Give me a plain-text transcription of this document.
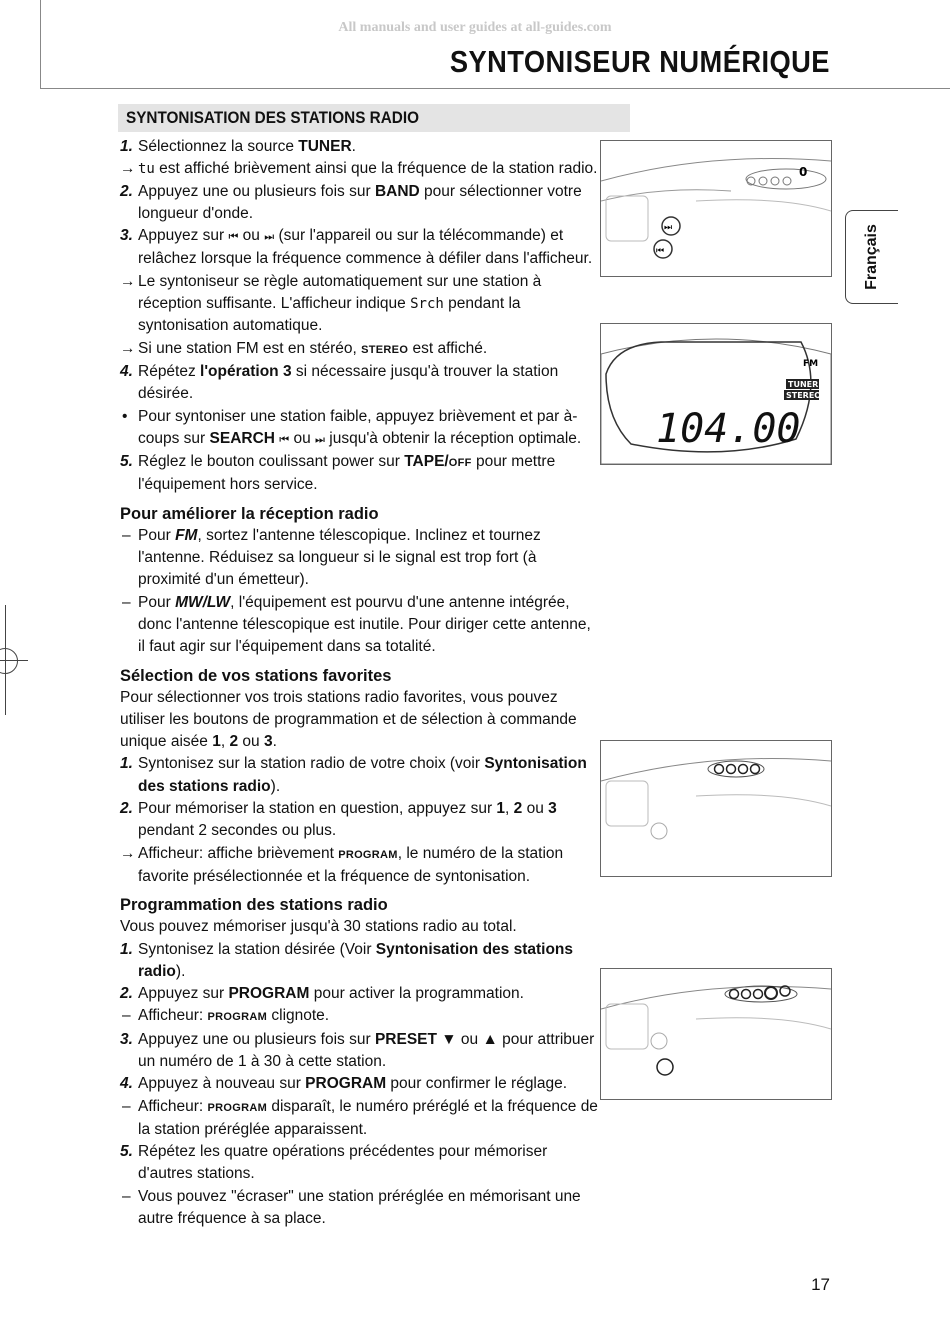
All manuals and user guides at all-guides.com
SYNTONISEUR NUMÉRIQUE
SYNTONISATION DES STATIONS RADIO
Français

1. Sélectionnez la source TUNER.

→ tu est affiché brièvement ainsi que la fréquence de la station radio.

2. Appuyez une ou plusieurs fois sur BAND pour sélectionner votre longueur d'onde.

3. Appuyez sur ⏮ ou ⏭ (sur l'appareil ou sur la télécommande) et relâchez lorsque la fréquence commence à défiler dans l'afficheur.

→ Le syntoniseur se règle automatiquement sur une station à réception suffisante. L'afficheur indique Srch pendant la syntonisation automatique.

→ Si une station FM est en stéréo, STEREO est affiché.

4. Répétez l'opération 3 si nécessaire jusqu'à trouver la station désirée.

• Pour syntoniser une station faible, appuyez brièvement et par à-coups sur SEARCH ⏮ ou ⏭ jusqu'à obtenir la réception optimale.

5. Réglez le bouton coulissant power sur TAPE/OFF pour mettre l'équipement hors service.

Pour améliorer la réception radio

– Pour FM, sortez l'antenne télescopique. Inclinez et tournez l'antenne. Réduisez sa longueur si le signal est trop fort (à proximité d'un émetteur).

– Pour MW/LW, l'équipement est pourvu d'une antenne intégrée, donc l'antenne télescopique est inutile. Pour diriger cette antenne, il faut agir sur l'équipement dans sa totalité.

Sélection de vos stations favorites

Pour sélectionner vos trois stations radio favorites, vous pouvez utiliser les boutons de programmation et de sélection à commande unique aisée 1, 2 ou 3.

1. Syntonisez sur la station radio de votre choix (voir Syntonisation des stations radio).

2. Pour mémoriser la station en question, appuyez sur 1, 2 ou 3 pendant 2 secondes ou plus.

→ Afficheur: affiche brièvement PROGRAM, le numéro de la station favorite présélectionnée et la fréquence de syntonisation.

Programmation des stations radio

Vous pouvez mémoriser jusqu'à 30 stations radio au total.

1. Syntonisez la station désirée (Voir Syntonisation des stations radio).

2. Appuyez sur PROGRAM pour activer la programmation.

– Afficheur: PROGRAM clignote.

3. Appuyez une ou plusieurs fois sur PRESET ▼ ou ▲ pour attribuer un numéro de 1 à 30 à cette station.

4. Appuyez à nouveau sur PROGRAM pour confirmer le réglage.

– Afficheur: PROGRAM disparaît, le numéro préréglé et la fréquence de la station préréglée apparaissent.

5. Répétez les quatre opérations précédentes pour mémoriser d'autres stations.

– Vous pouvez "écraser" une station préréglée en mémorisant une autre fréquence à sa place.

0
⏭
⏮
FM
TUNER
STEREO
104.00
17
